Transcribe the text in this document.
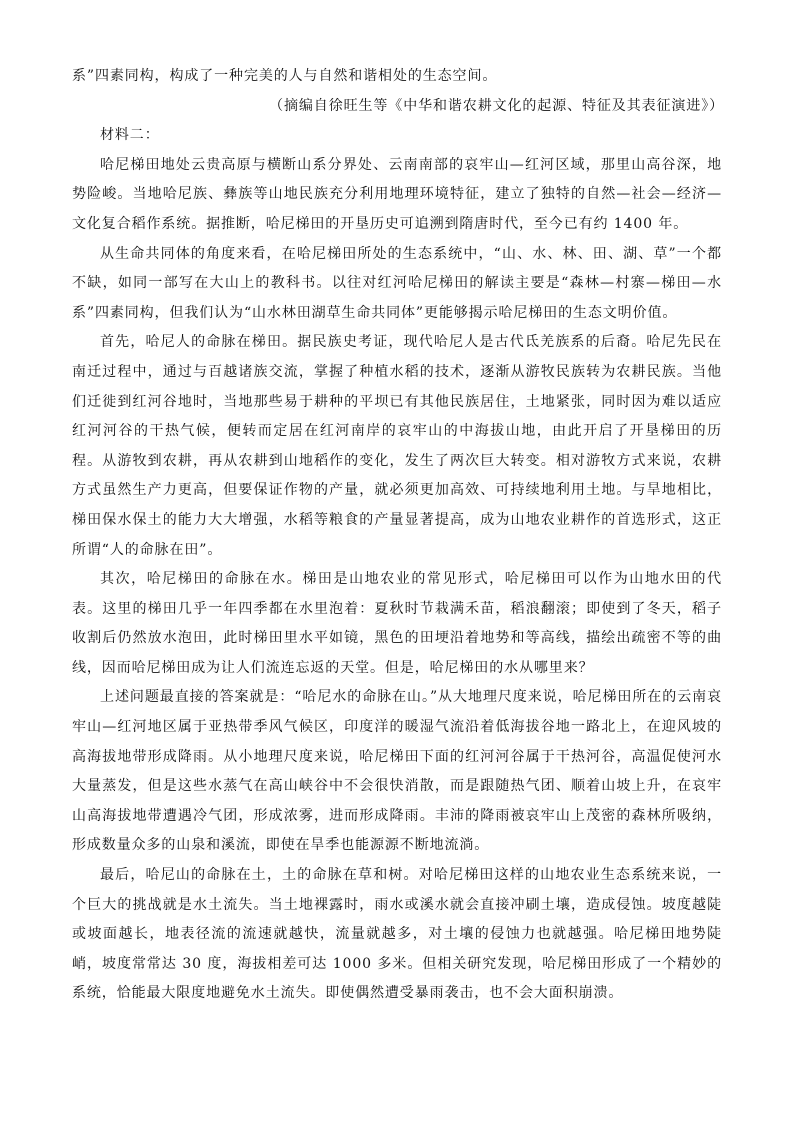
系”四素同构，构成了一种完美的人与自然和谐相处的生态空间。

（摘编自徐旺生等《中华和谐农耕文化的起源、特征及其表征演进》）

材料二：

哈尼梯田地处云贵高原与横断山系分界处、云南南部的哀牢山—红河区域，那里山高谷深，地势险峻。当地哈尼族、彝族等山地民族充分利用地理环境特征，建立了独特的自然—社会—经济—文化复合稻作系统。据推断，哈尼梯田的开垦历史可追溯到隋唐时代，至今已有约 1400 年。

从生命共同体的角度来看，在哈尼梯田所处的生态系统中，“山、水、林、田、湖、草”一个都不缺，如同一部写在大山上的教科书。以往对红河哈尼梯田的解读主要是“森林—村寨—梯田—水系”四素同构，但我们认为“山水林田湖草生命共同体”更能够揭示哈尼梯田的生态文明价值。

首先，哈尼人的命脉在梯田。据民族史考证，现代哈尼人是古代氐羌族系的后裔。哈尼先民在南迁过程中，通过与百越诸族交流，掌握了种植水稻的技术，逐渐从游牧民族转为农耕民族。当他们迁徙到红河谷地时，当地那些易于耕种的平坝已有其他民族居住，土地紧张，同时因为难以适应红河河谷的干热气候，便转而定居在红河南岸的哀牢山的中海拔山地，由此开启了开垦梯田的历程。从游牧到农耕，再从农耕到山地稻作的变化，发生了两次巨大转变。相对游牧方式来说，农耕方式虽然生产力更高，但要保证作物的产量，就必须更加高效、可持续地利用土地。与旱地相比，梯田保水保土的能力大大增强，水稻等粮食的产量显著提高，成为山地农业耕作的首选形式，这正所谓“人的命脉在田”。

其次，哈尼梯田的命脉在水。梯田是山地农业的常见形式，哈尼梯田可以作为山地水田的代表。这里的梯田几乎一年四季都在水里泡着：夏秋时节栽满禾苗，稻浪翻滚；即使到了冬天，稻子收割后仍然放水泡田，此时梯田里水平如镜，黑色的田埂沿着地势和等高线，描绘出疏密不等的曲线，因而哈尼梯田成为让人们流连忘返的天堂。但是，哈尼梯田的水从哪里来？

上述问题最直接的答案就是：“哈尼水的命脉在山。”从大地理尺度来说，哈尼梯田所在的云南哀牢山—红河地区属于亚热带季风气候区，印度洋的暖湿气流沿着低海拔谷地一路北上，在迎风坡的高海拔地带形成降雨。从小地理尺度来说，哈尼梯田下面的红河河谷属于干热河谷，高温促使河水大量蒸发，但是这些水蒸气在高山峡谷中不会很快消散，而是跟随热气团、顺着山坡上升，在哀牢山高海拔地带遭遇冷气团，形成浓雾，进而形成降雨。丰沛的降雨被哀牢山上茂密的森林所吸纳，形成数量众多的山泉和溪流，即使在旱季也能源源不断地流淌。

最后，哈尼山的命脉在土，土的命脉在草和树。对哈尼梯田这样的山地农业生态系统来说，一个巨大的挑战就是水土流失。当土地裸露时，雨水或溪水就会直接冲刷土壤，造成侵蚀。坡度越陡或坡面越长，地表径流的流速就越快，流量就越多，对土壤的侵蚀力也就越强。哈尼梯田地势陡峭，坡度常常达 30 度，海拔相差可达 1000 多米。但相关研究发现，哈尼梯田形成了一个精妙的系统，恰能最大限度地避免水土流失。即使偶然遭受暴雨袭击，也不会大面积崩溃。
